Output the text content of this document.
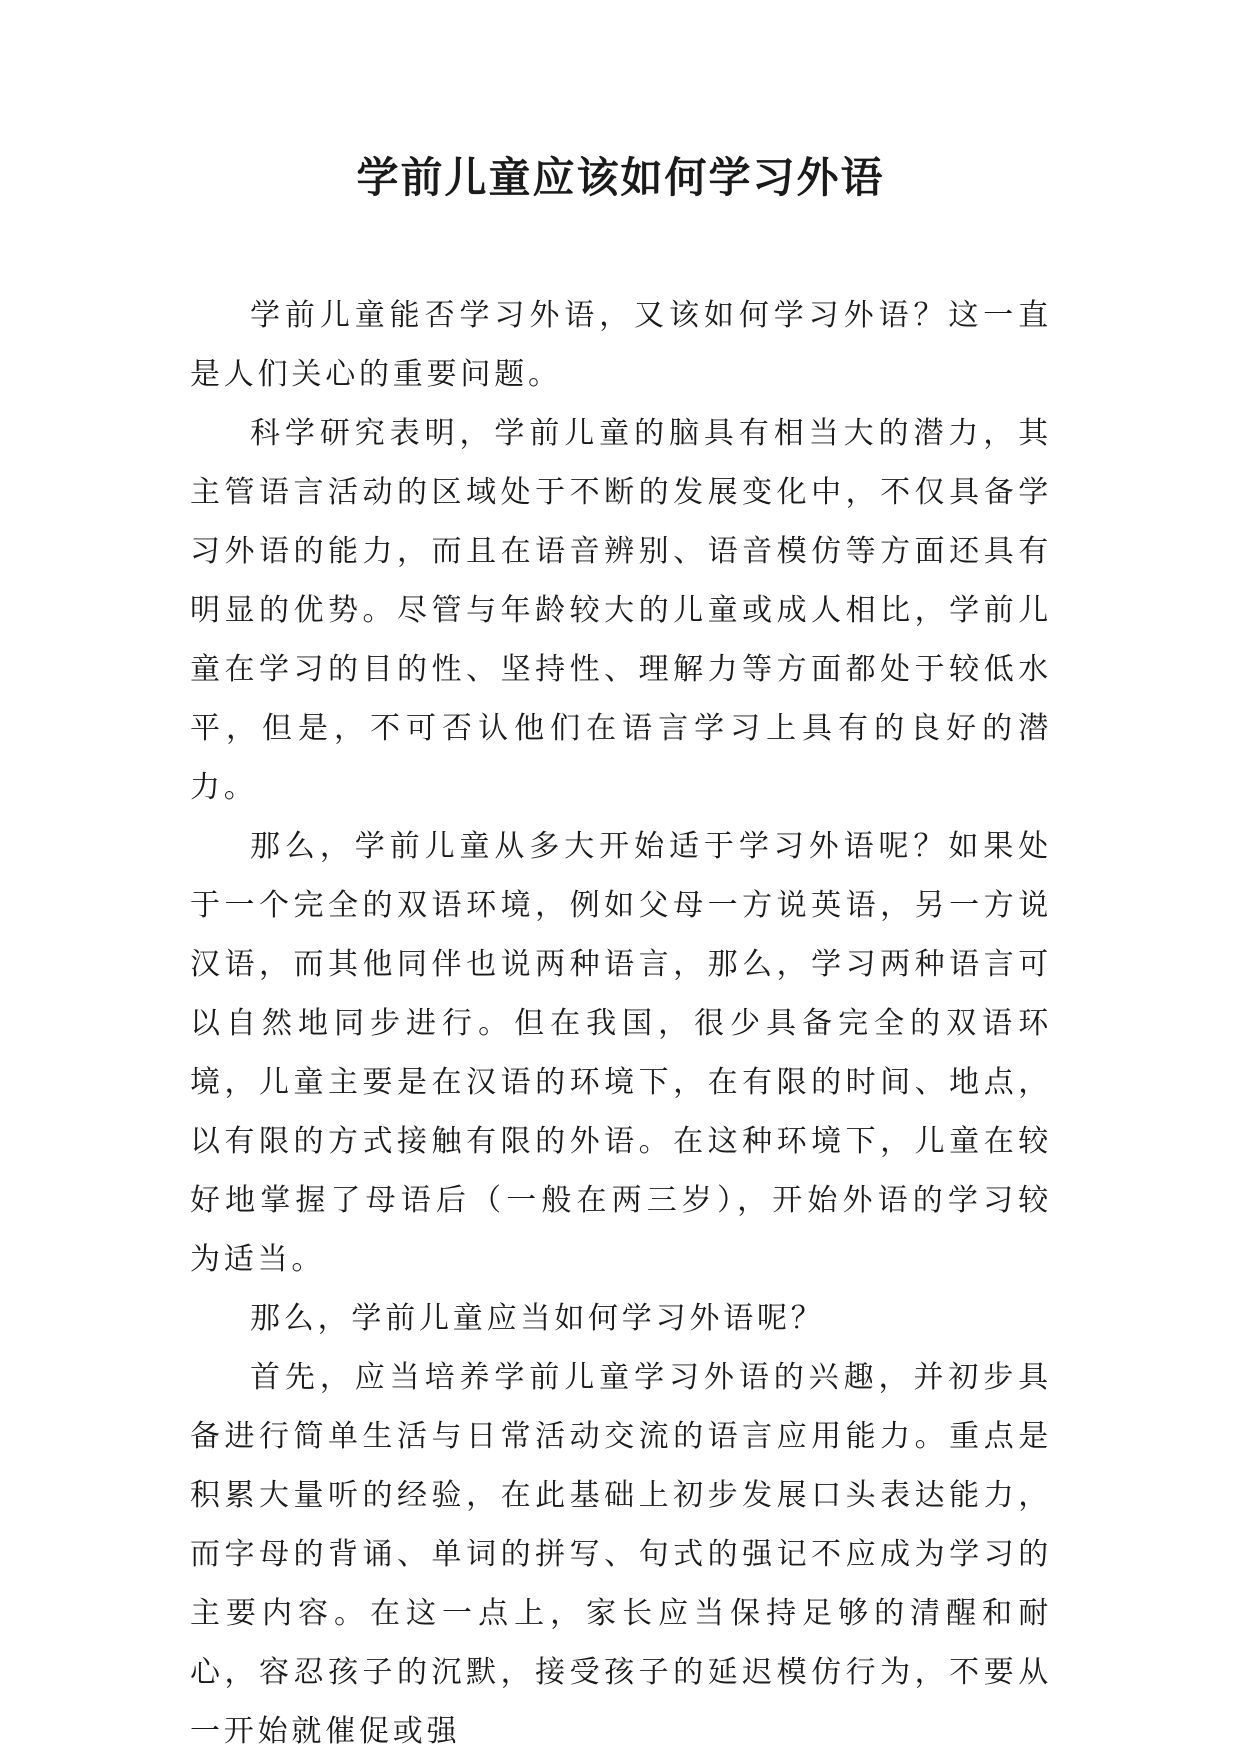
学前儿童应该如何学习外语

学前儿童能否学习外语，又该如何学习外语？这一直是人们关心的重要问题。

科学研究表明，学前儿童的脑具有相当大的潜力，其主管语言活动的区域处于不断的发展变化中，不仅具备学习外语的能力，而且在语音辨别、语音模仿等方面还具有明显的优势。尽管与年龄较大的儿童或成人相比，学前儿童在学习的目的性、坚持性、理解力等方面都处于较低水平，但是，不可否认他们在语言学习上具有的良好的潜力。

那么，学前儿童从多大开始适于学习外语呢？如果处于一个完全的双语环境，例如父母一方说英语，另一方说汉语，而其他同伴也说两种语言，那么，学习两种语言可以自然地同步进行。但在我国，很少具备完全的双语环境，儿童主要是在汉语的环境下，在有限的时间、地点，以有限的方式接触有限的外语。在这种环境下，儿童在较好地掌握了母语后（一般在两三岁），开始外语的学习较为适当。

那么，学前儿童应当如何学习外语呢？

首先，应当培养学前儿童学习外语的兴趣，并初步具备进行简单生活与日常活动交流的语言应用能力。重点是积累大量听的经验，在此基础上初步发展口头表达能力，而字母的背诵、单词的拼写、句式的强记不应成为学习的主要内容。在这一点上，家长应当保持足够的清醒和耐心，容忍孩子的沉默，接受孩子的延迟模仿行为，不要从一开始就催促或强
